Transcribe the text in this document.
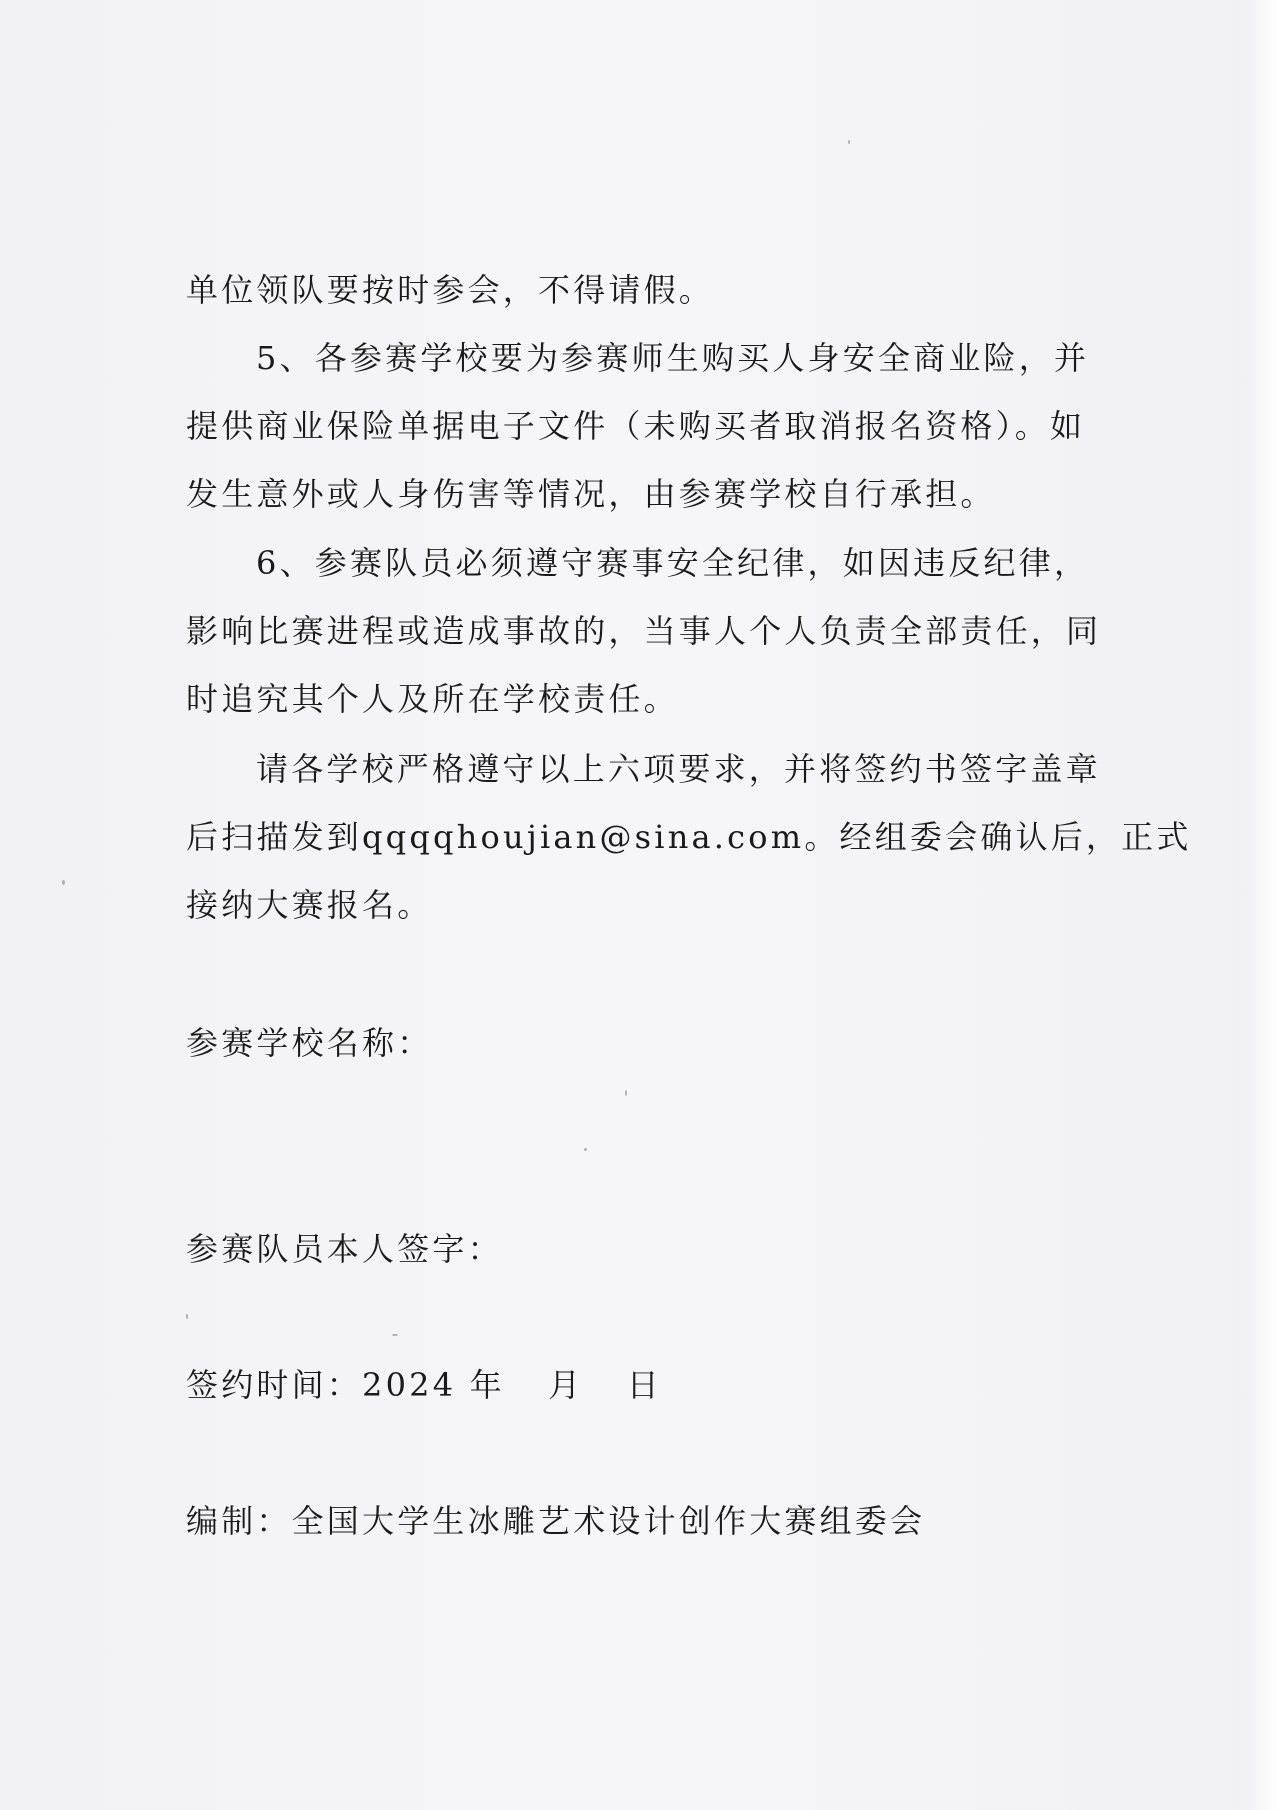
单位领队要按时参会，不得请假。
5、各参赛学校要为参赛师生购买人身安全商业险，并
提供商业保险单据电子文件（未购买者取消报名资格）。如
发生意外或人身伤害等情况，由参赛学校自行承担。
6、参赛队员必须遵守赛事安全纪律，如因违反纪律，
影响比赛进程或造成事故的，当事人个人负责全部责任，同
时追究其个人及所在学校责任。
请各学校严格遵守以上六项要求，并将签约书签字盖章
后扫描发到qqqqhoujian@sina.com。经组委会确认后，正式
接纳大赛报名。
参赛学校名称：
参赛队员本人签字：
签约时间：2024 年 月 日
编制：全国大学生冰雕艺术设计创作大赛组委会
